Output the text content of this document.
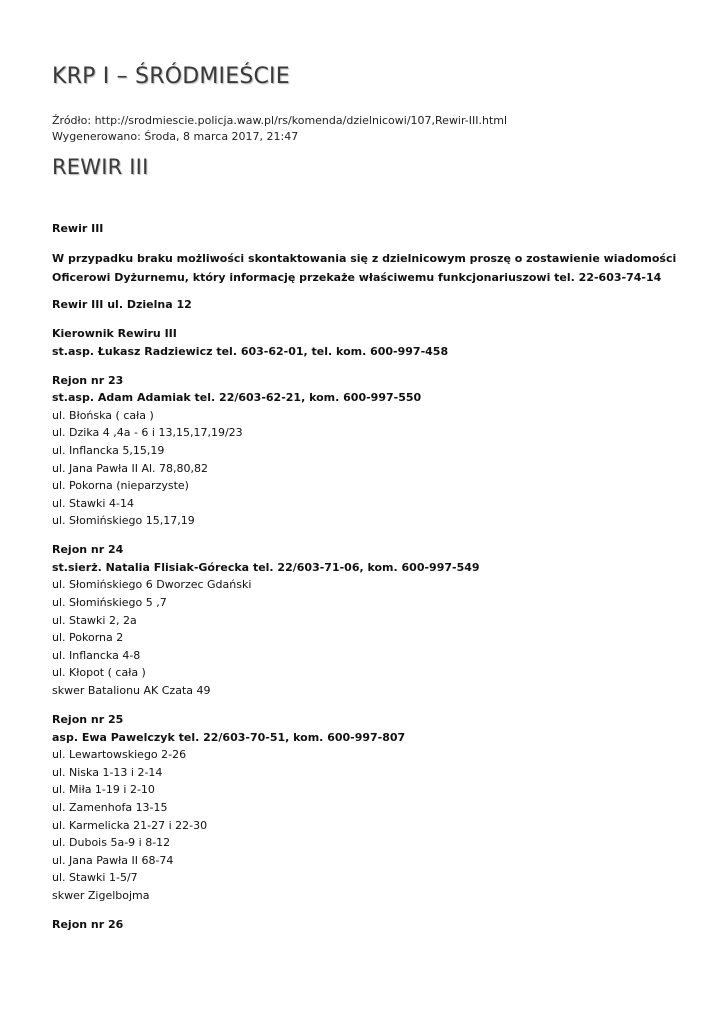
KRP I – ŚRÓDMIEŚCIE
Źródło: http://srodmiescie.policja.waw.pl/rs/komenda/dzielnicowi/107,Rewir-III.html
Wygenerowano: Środa, 8 marca 2017, 21:47
REWIR III

Rewir III

W przypadku braku możliwości skontaktowania się z dzielnicowym proszę o zostawienie wiadomości Oficerowi Dyżurnemu, który informację przekaże właściwemu funkcjonariuszowi tel. 22-603-74-14

Rewir III ul. Dzielna 12

Kierownik Rewiru III
st.asp. Łukasz Radziewicz tel. 603-62-01, tel. kom. 600-997-458

Rejon nr 23
st.asp. Adam Adamiak tel. 22/603-62-21, kom. 600-997-550
ul. Błońska ( cała )
ul. Dzika 4 ,4a - 6 i 13,15,17,19/23
ul. Inflancka 5,15,19
ul. Jana Pawła II Al. 78,80,82
ul. Pokorna (nieparzyste)
ul. Stawki 4-14
ul. Słomińskiego 15,17,19

Rejon nr 24
st.sierż. Natalia Flisiak-Górecka tel. 22/603-71-06, kom. 600-997-549
ul. Słomińskiego 6 Dworzec Gdański
ul. Słomińskiego 5 ,7
ul. Stawki 2, 2a
ul. Pokorna 2
ul. Inflancka 4-8
ul. Kłopot ( cała )
skwer Batalionu AK Czata 49

Rejon nr 25
asp. Ewa Pawelczyk tel. 22/603-70-51, kom. 600-997-807
ul. Lewartowskiego 2-26
ul. Niska 1-13 i 2-14
ul. Miła 1-19 i 2-10
ul. Zamenhofa 13-15
ul. Karmelicka 21-27 i 22-30
ul. Dubois 5a-9 i 8-12
ul. Jana Pawła II 68-74
ul. Stawki 1-5/7
skwer Zigelbojma

Rejon nr 26
